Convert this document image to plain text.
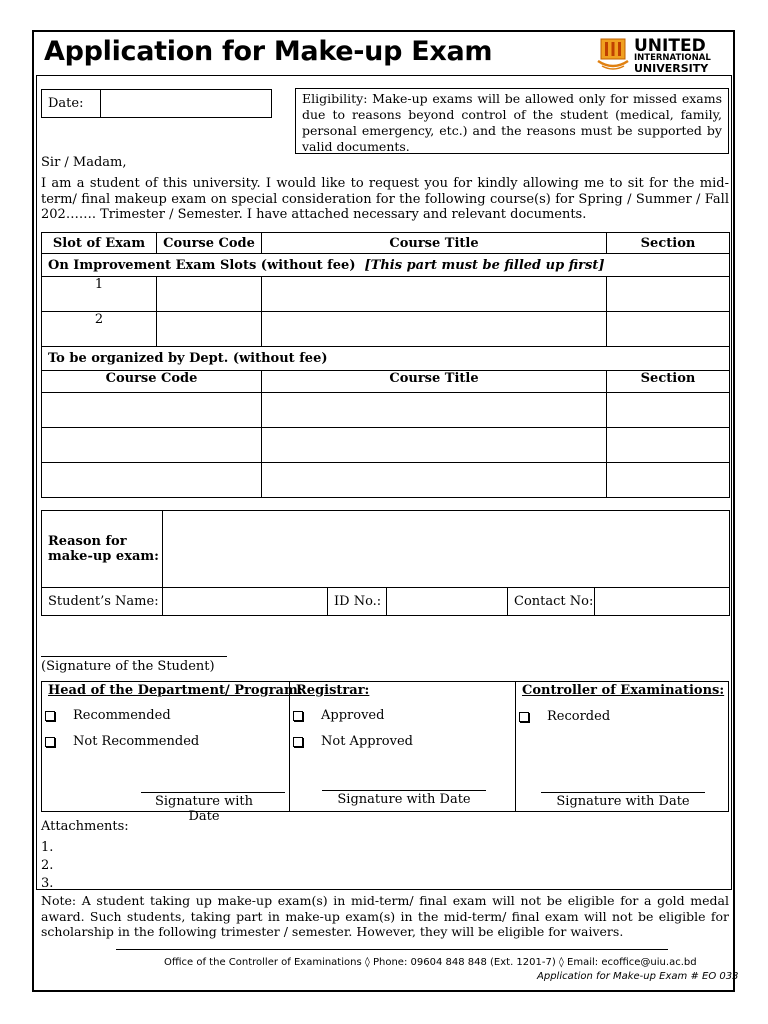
Application for Make-up Exam	UNITED
INTERNATIONAL
UNIVERSITY
Date:		Eligibility: Make-up exams will be allowed only for missed exams due to reasons beyond control of the student (medical, family, personal emergency, etc.) and the reasons must be supported by valid documents.
Sir / Madam,
I am a student of this university. I would like to request you for kindly allowing me to sit for the mid-term/ final makeup exam on special consideration for the following course(s) for Spring / Summer / Fall 202……. Trimester / Semester. I have attached necessary and relevant documents.
Slot of Exam	Course Code	Course Title	Section
On Improvement Exam Slots (without fee) [This part must be filled up first]			
1			
2			
To be organized by Dept. (without fee)			
Course Code		Course Title	Section

Reason for make-up exam:					
Student’s Name:		ID No.:		Contact No:	
(Signature of the Student)
Head of the Department/ Program:
Recommended
Not Recommended
Signature with Date

Registrar:
Approved
Not Approved
Signature with Date

Controller of Examinations:
Recorded
Signature with Date
Attachments:
1.
2.
3.
Note: A student taking up make-up exam(s) in mid-term/ final exam will not be eligible for a gold medal award. Such students, taking part in make-up exam(s) in the mid-term/ final exam will not be eligible for scholarship in the following trimester / semester. However, they will be eligible for waivers.
Office of the Controller of Examinations ◊ Phone: 09604 848 848 (Ext. 1201-7) ◊ Email: ecoffice@uiu.ac.bd
Application for Make-up Exam # EO 033
